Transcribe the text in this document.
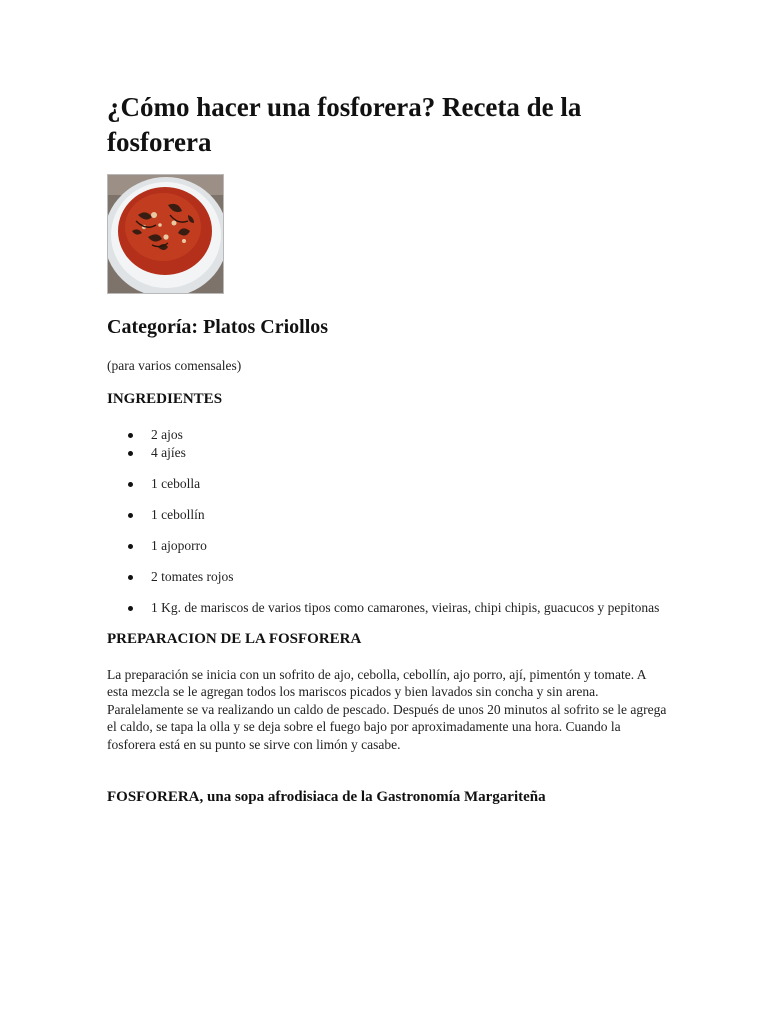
¿Cómo hacer una fosforera? Receta de la fosforera
Categoría: Platos Criollos

(para varios comensales)

INGREDIENTES
2 ajos
4 ajíes
1 cebolla
1 cebollín
1 ajoporro
2 tomates rojos
1 Kg. de mariscos de varios tipos como camarones, vieiras, chipi chipis, guacucos y pepitonas
PREPARACION DE LA FOSFORERA

La preparación se inicia con un sofrito de ajo, cebolla, cebollín, ajo porro, ají, pimentón y tomate. A esta mezcla se le agregan todos los mariscos picados y bien lavados sin concha y sin arena. Paralelamente se va realizando un caldo de pescado. Después de unos 20 minutos al sofrito se le agrega el caldo, se tapa la olla y se deja sobre el fuego bajo por aproximadamente una hora. Cuando la fosforera está en su punto se sirve con limón y casabe.

FOSFORERA, una sopa afrodisiaca de la Gastronomía Margariteña
